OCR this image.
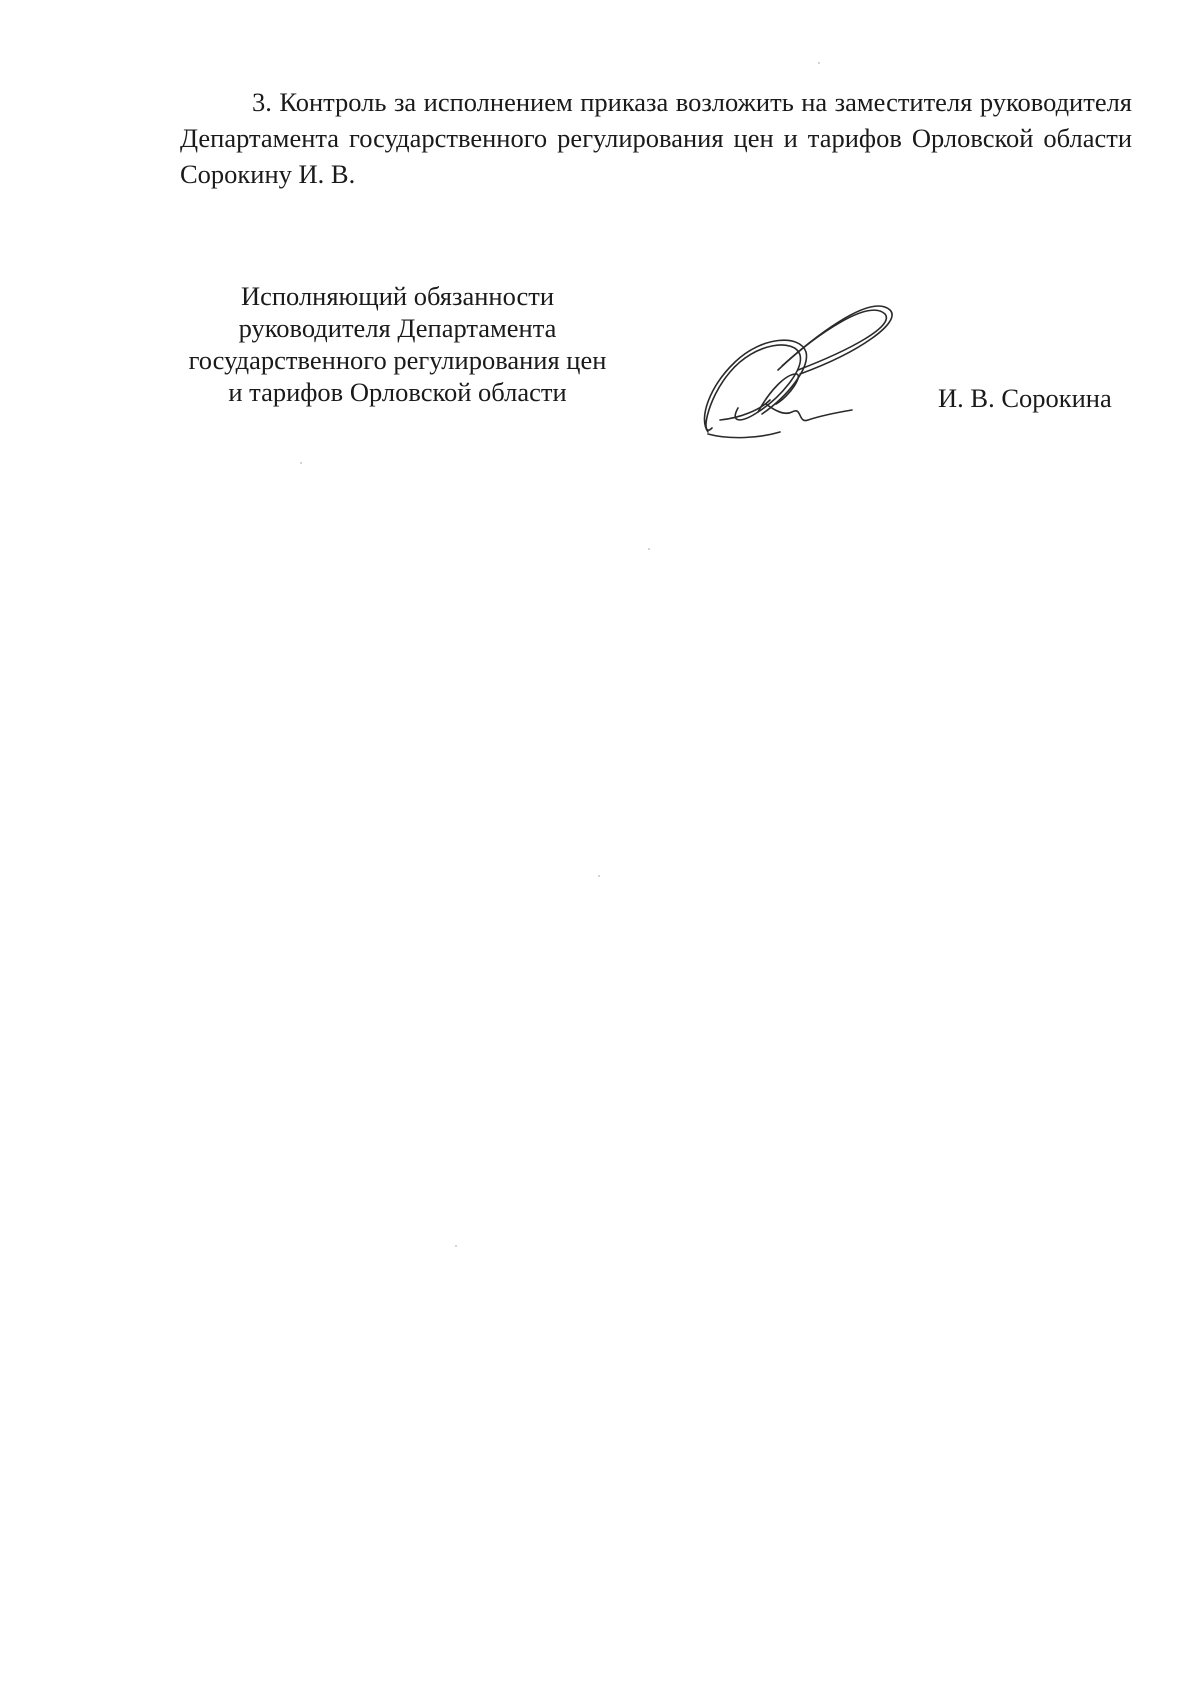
3. Контроль за исполнением приказа возложить на заместителя руководителя Департамента государственного регулирования цен и тарифов Орловской области Сорокину И. В.

Исполняющий обязанности
руководителя Департамента
государственного регулирования цен
и тарифов Орловской области	И. В. Сорокина
